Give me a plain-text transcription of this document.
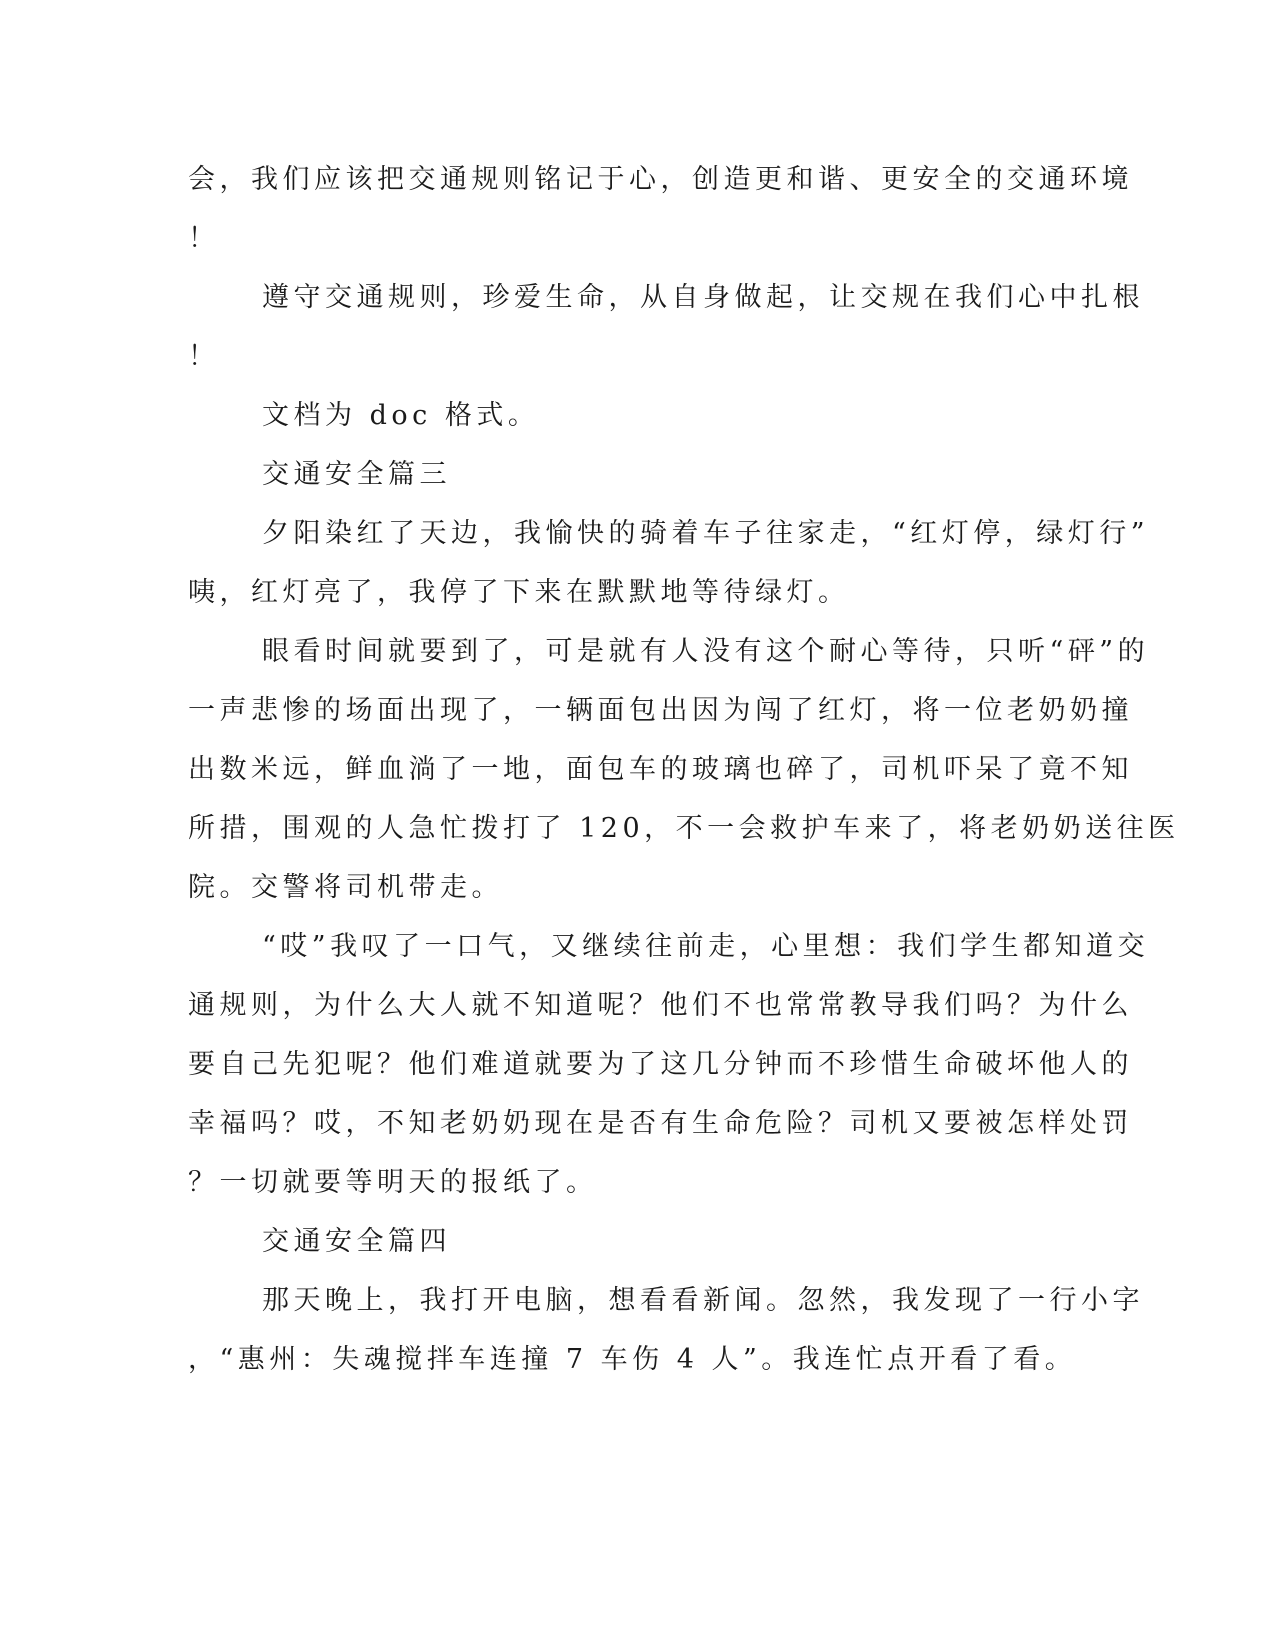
会，我们应该把交通规则铭记于心，创造更和谐、更安全的交通环境
！
遵守交通规则，珍爱生命，从自身做起，让交规在我们心中扎根
！
文档为 doc 格式。
交通安全篇三
夕阳染红了天边，我愉快的骑着车子往家走，“红灯停，绿灯行”
咦，红灯亮了，我停了下来在默默地等待绿灯。
眼看时间就要到了，可是就有人没有这个耐心等待，只听“砰”的
一声悲惨的场面出现了，一辆面包出因为闯了红灯，将一位老奶奶撞
出数米远，鲜血淌了一地，面包车的玻璃也碎了，司机吓呆了竟不知
所措，围观的人急忙拨打了 120，不一会救护车来了，将老奶奶送往医
院。交警将司机带走。
“哎”我叹了一口气，又继续往前走，心里想：我们学生都知道交
通规则，为什么大人就不知道呢？他们不也常常教导我们吗？为什么
要自己先犯呢？他们难道就要为了这几分钟而不珍惜生命破坏他人的
幸福吗？哎，不知老奶奶现在是否有生命危险？司机又要被怎样处罚
？一切就要等明天的报纸了。
交通安全篇四
那天晚上，我打开电脑，想看看新闻。忽然，我发现了一行小字
，“惠州：失魂搅拌车连撞 7 车伤 4 人”。我连忙点开看了看。
